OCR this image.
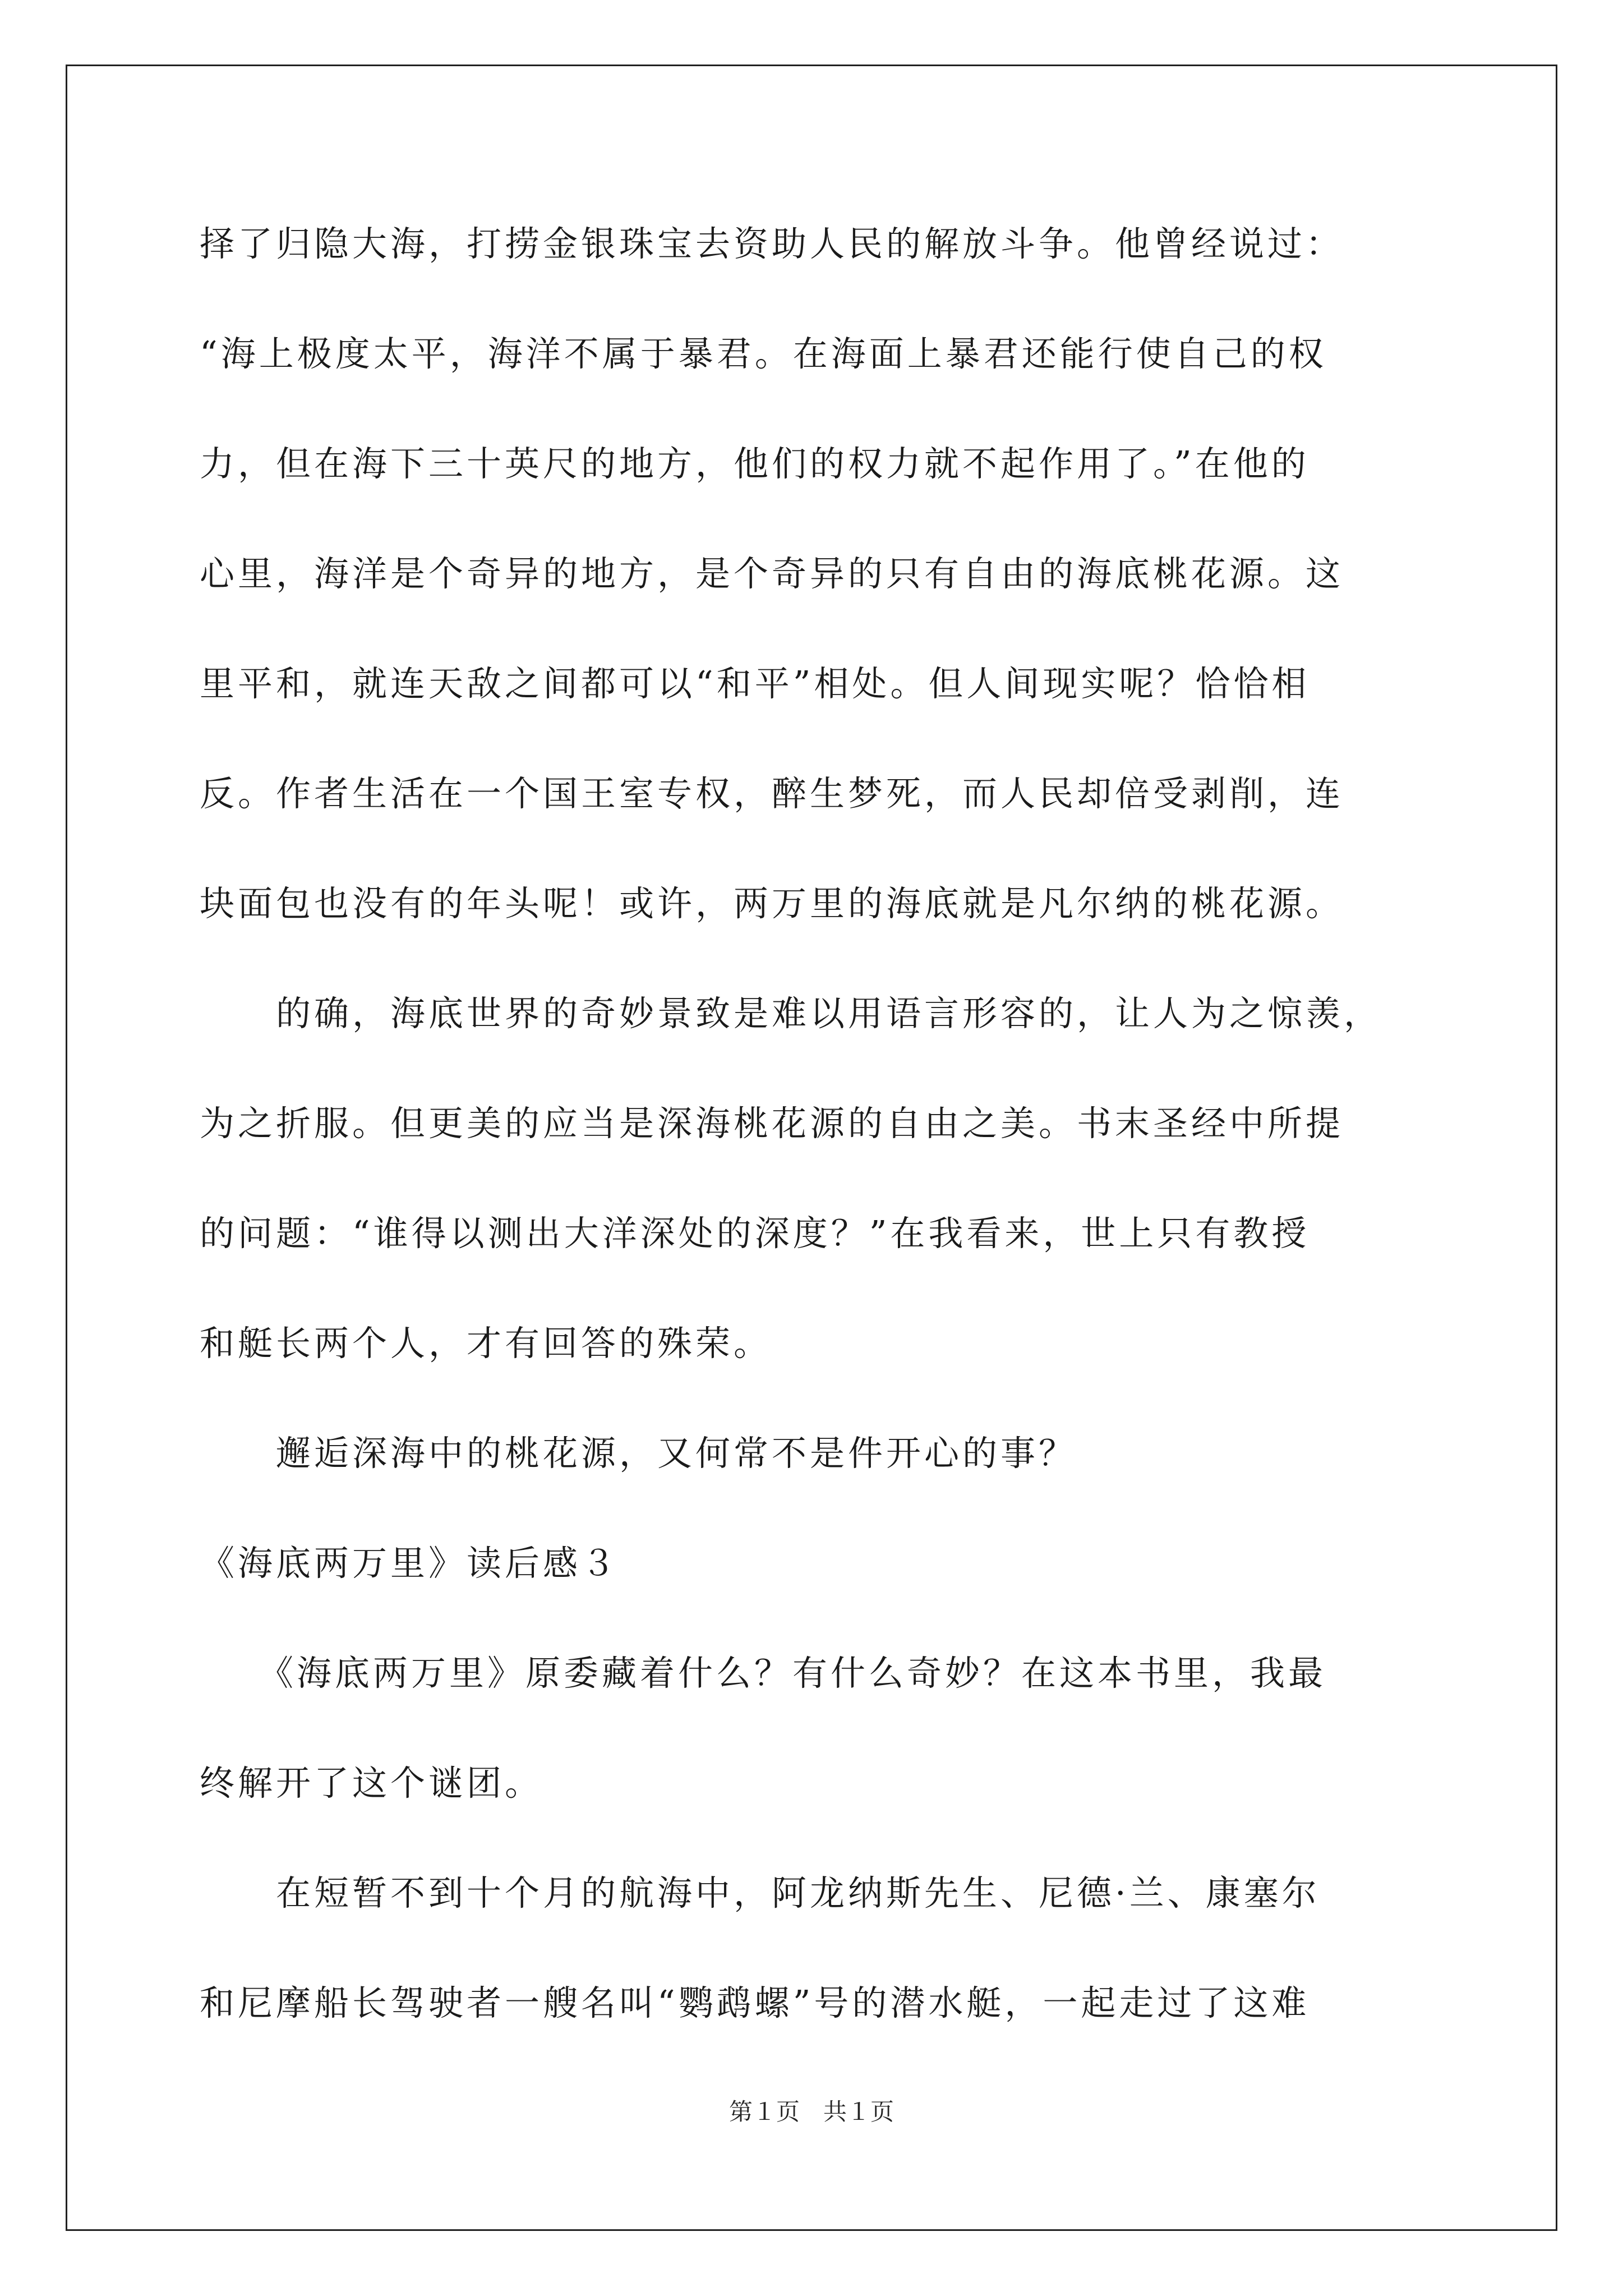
择了归隐大海，打捞金银珠宝去资助人民的解放斗争。他曾经说过：
“海上极度太平，海洋不属于暴君。在海面上暴君还能行使自己的权
力，但在海下三十英尺的地方，他们的权力就不起作用了。”在他的
心里，海洋是个奇异的地方，是个奇异的只有自由的海底桃花源。这
里平和，就连天敌之间都可以“和平”相处。但人间现实呢？恰恰相
反。作者生活在一个国王室专权，醉生梦死，而人民却倍受剥削，连
块面包也没有的年头呢！或许，两万里的海底就是凡尔纳的桃花源。
　　的确，海底世界的奇妙景致是难以用语言形容的，让人为之惊羡，
为之折服。但更美的应当是深海桃花源的自由之美。书末圣经中所提
的问题：“谁得以测出大洋深处的深度？”在我看来，世上只有教授
和艇长两个人，才有回答的殊荣。
　　邂逅深海中的桃花源，又何常不是件开心的事？
《海底两万里》读后感３
　　《海底两万里》原委藏着什么？有什么奇妙？在这本书里，我最
终解开了这个谜团。
　　在短暂不到十个月的航海中，阿龙纳斯先生、尼德·兰、康塞尔
和尼摩船长驾驶者一艘名叫“鹦鹉螺”号的潜水艇，一起走过了这难
第１页　共１页
